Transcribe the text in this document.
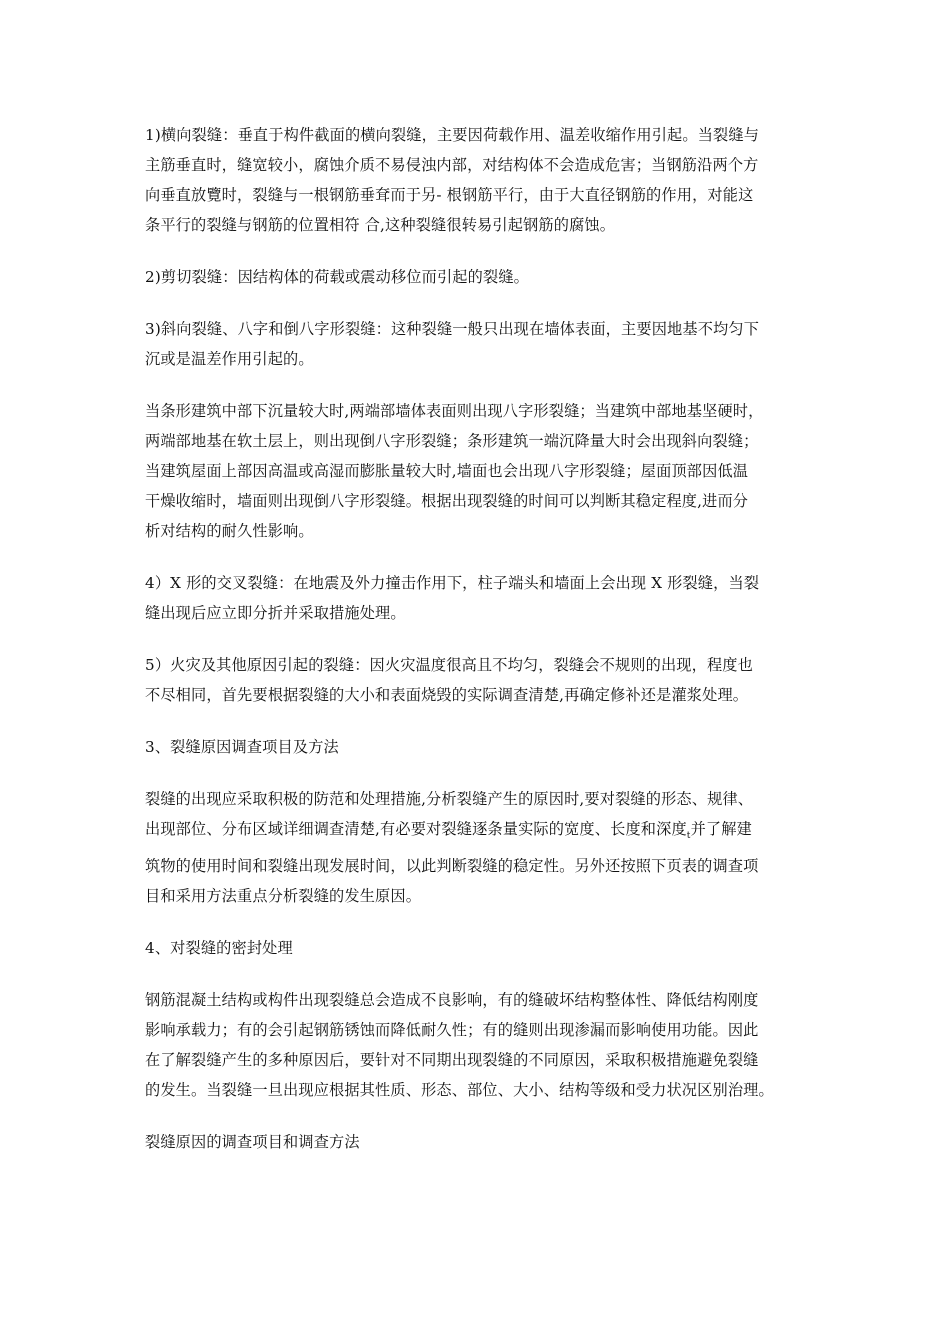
1)横向裂缝：垂直于构件截面的横向裂缝，主要因荷载作用、温差收缩作用引起。当裂缝与
主筋垂直时，缝宽较小，腐蚀介质不易侵浊内部，对结构体不会造成危害；当钢筋沿两个方
向垂直放覽时，裂缝与一根钢筋垂耷而于另- 根钢筋平行，由于大直径钢筋的作用，对能这
条平行的裂缝与钢筋的位置相符 合,这种裂缝很转易引起钢筋的腐蚀。

2)剪切裂缝：因结构体的荷载或震动移位而引起的裂缝。

3)斜向裂缝、八字和倒八字形裂缝：这种裂缝一般只出现在墙体表面，主要因地基不均匀下
沉或是温差作用引起的。

当条形建筑中部下沉量较大时,两端部墙体表面则出现八字形裂缝；当建筑中部地基坚硬时，
两端部地基在软土层上，则出现倒八字形裂缝；条形建筑一端沉降量大时会出现斜向裂缝；
当建筑屋面上部因高温或高湿而膨胀量较大时,墙面也会出现八字形裂缝；屋面顶部因低温
干燥收缩时，墙面则出现倒八字形裂缝。根据出现裂缝的时间可以判断其稳定程度,进而分
析对结构的耐久性影响。

4）X 形的交叉裂缝：在地震及外力撞击作用下，柱子端头和墙面上会出现 X 形裂缝，当裂
缝出现后应立即分折并采取措施处理。

5）火灾及其他原因引起的裂缝：因火灾温度很高且不均匀，裂缝会不规则的出现，程度也
不尽相同，首先要根据裂缝的大小和表面烧毁的实际调查清楚,再确定修补还是灌浆处理。

3、裂缝原因调查项目及方法

裂缝的出现应采取积极的防范和处理措施,分析裂缝产生的原因时,要对裂缝的形态、规律、
出现部位、分布区域详细调查清楚,有必要对裂缝逐条量实际的宽度、长度和深度$_t$并了解建
筑物的使用时间和裂缝出现发展时间，以此判断裂缝的稳定性。另外还按照下页表的调查项
目和采用方法重点分析裂缝的发生原因。

4、对裂缝的密封处理

钢筋混凝土结构或构件出现裂缝总会造成不良影响，有的缝破坏结构整体性、降低结构刚度
影响承载力；有的会引起钢筋锈蚀而降低耐久性；有的缝则出现渗漏而影响使用功能。因此
在了解裂缝产生的多种原因后，要针对不同期出现裂缝的不同原因，采取积极措施避免裂缝
的发生。当裂缝一旦出现应根据其性质、形态、部位、大小、结构等级和受力状况区别治理。

裂缝原因的调查项目和调查方法
